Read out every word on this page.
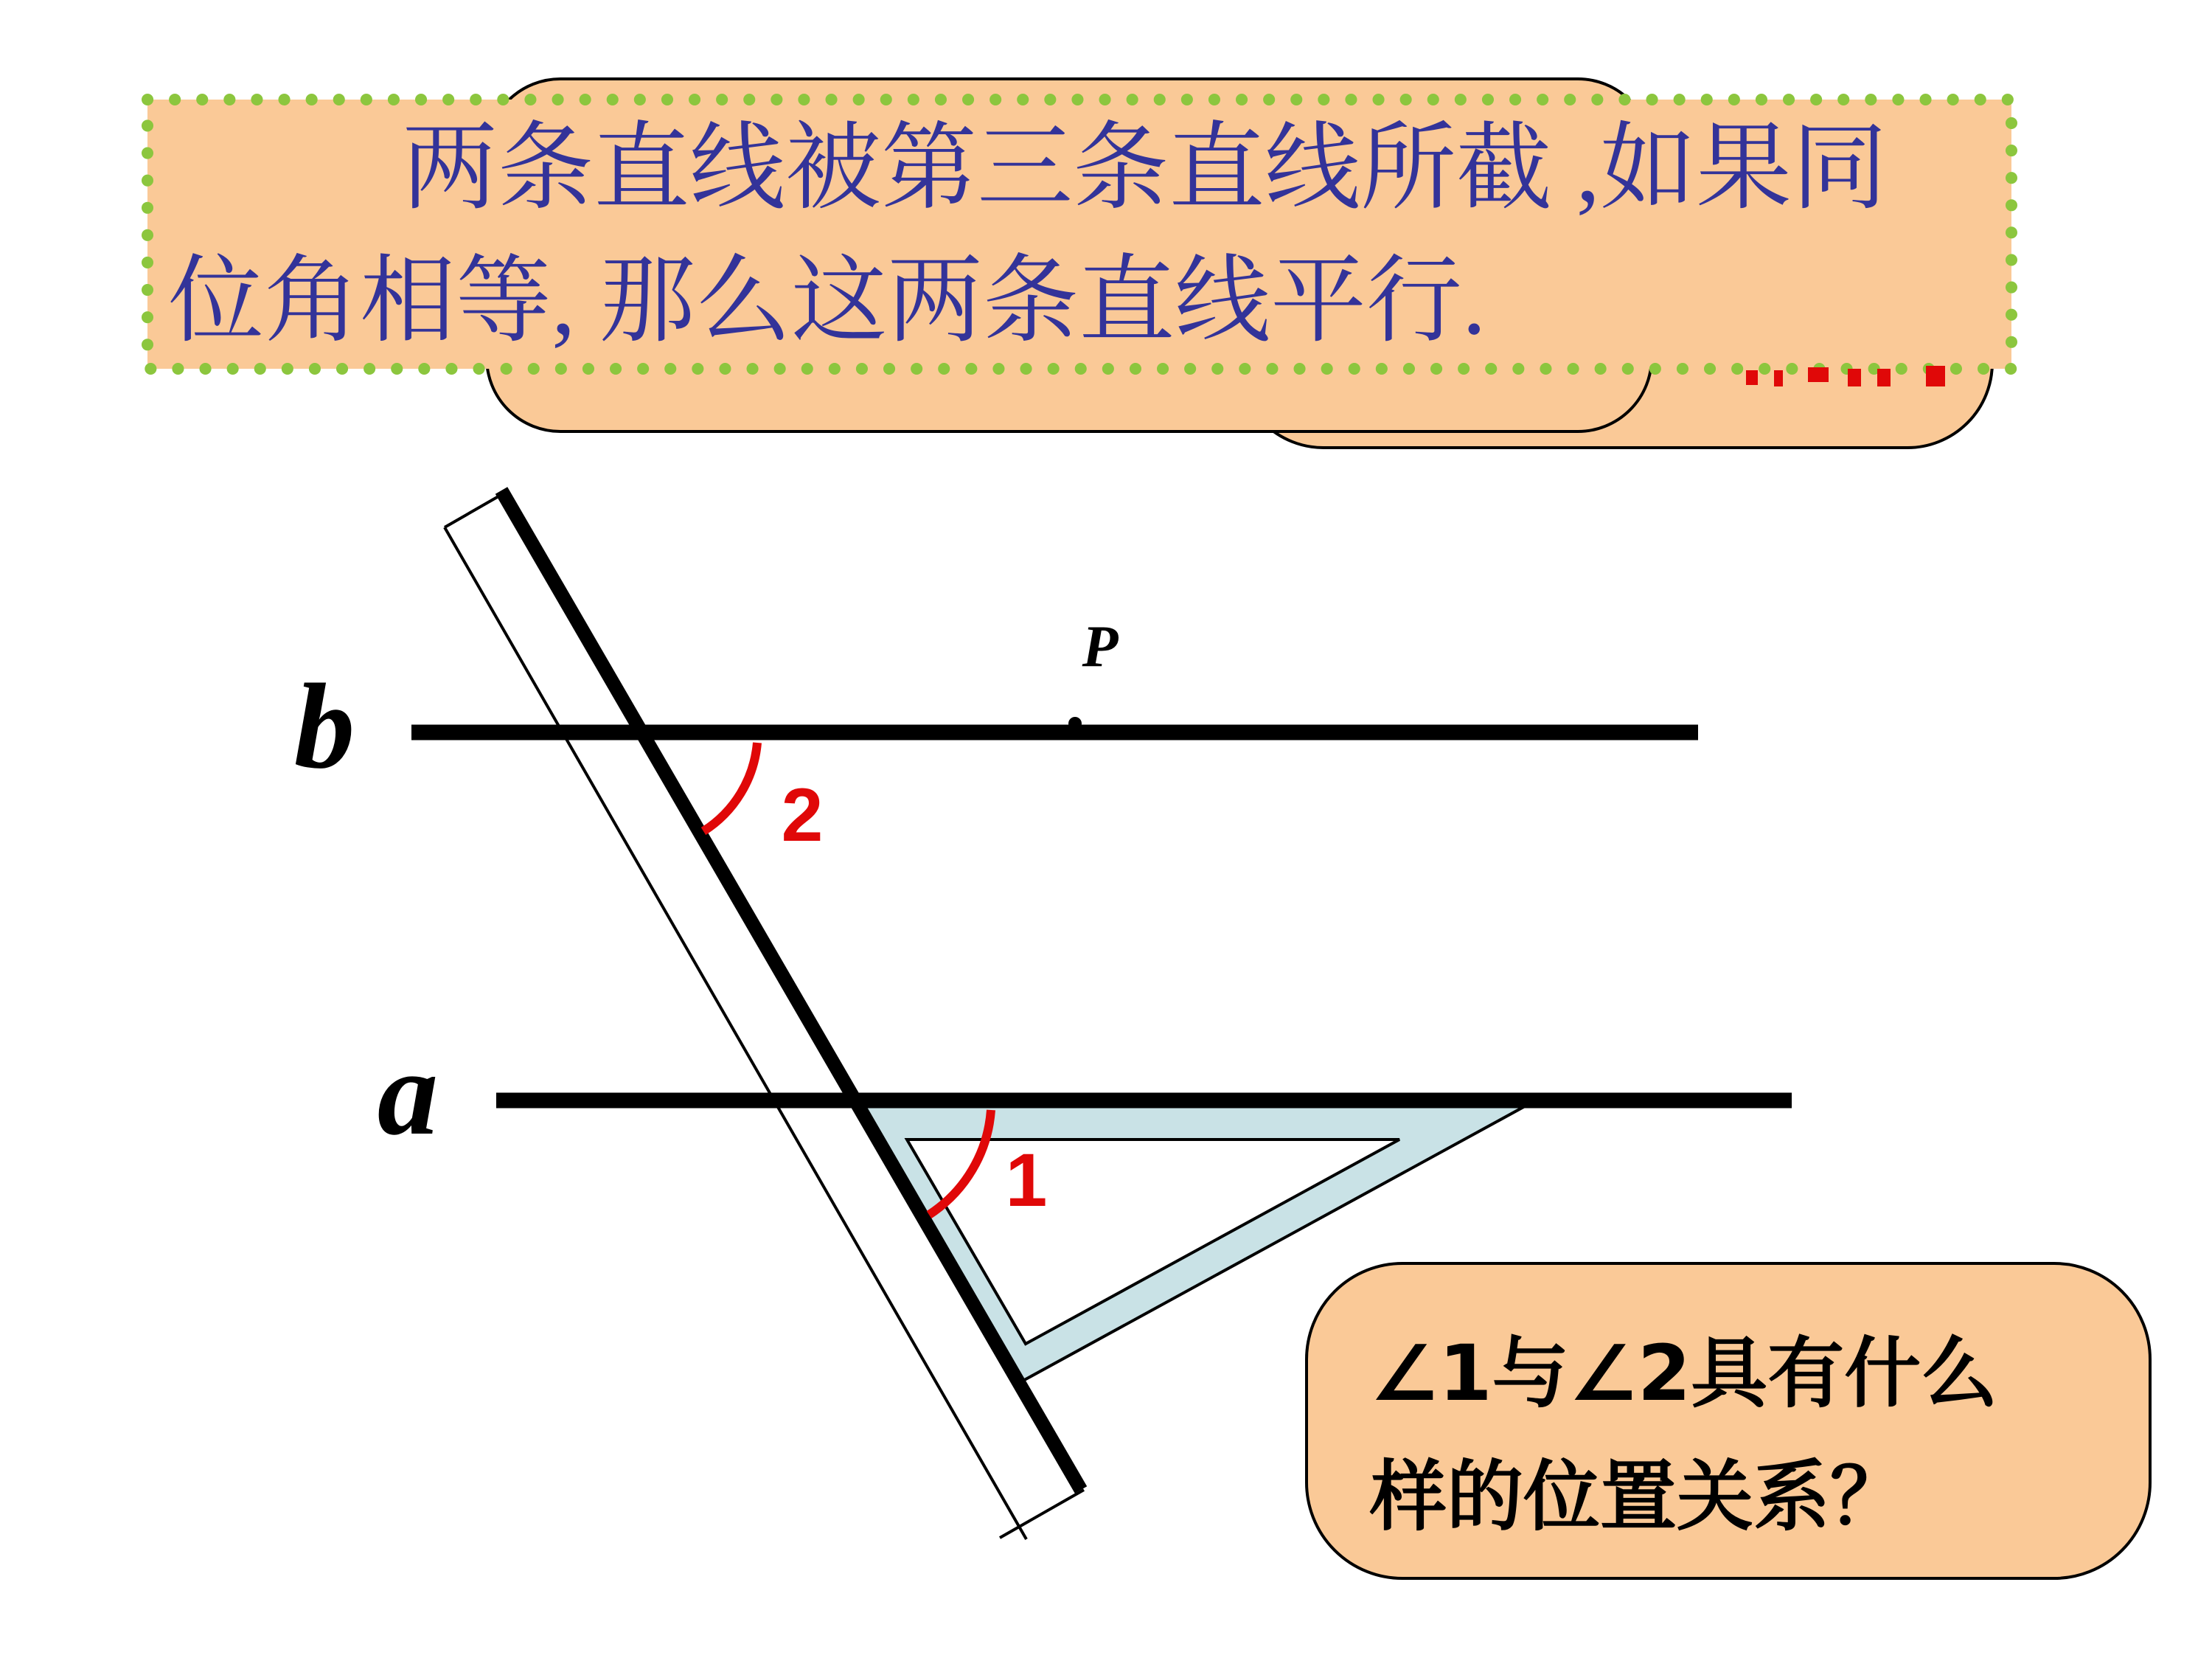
两条直线被第三条直线所截 ,如果同
位角相等, 那么这两条直线平行.
b
a
P
2
1
∠1与∠2具有什么
样的位置关系？
